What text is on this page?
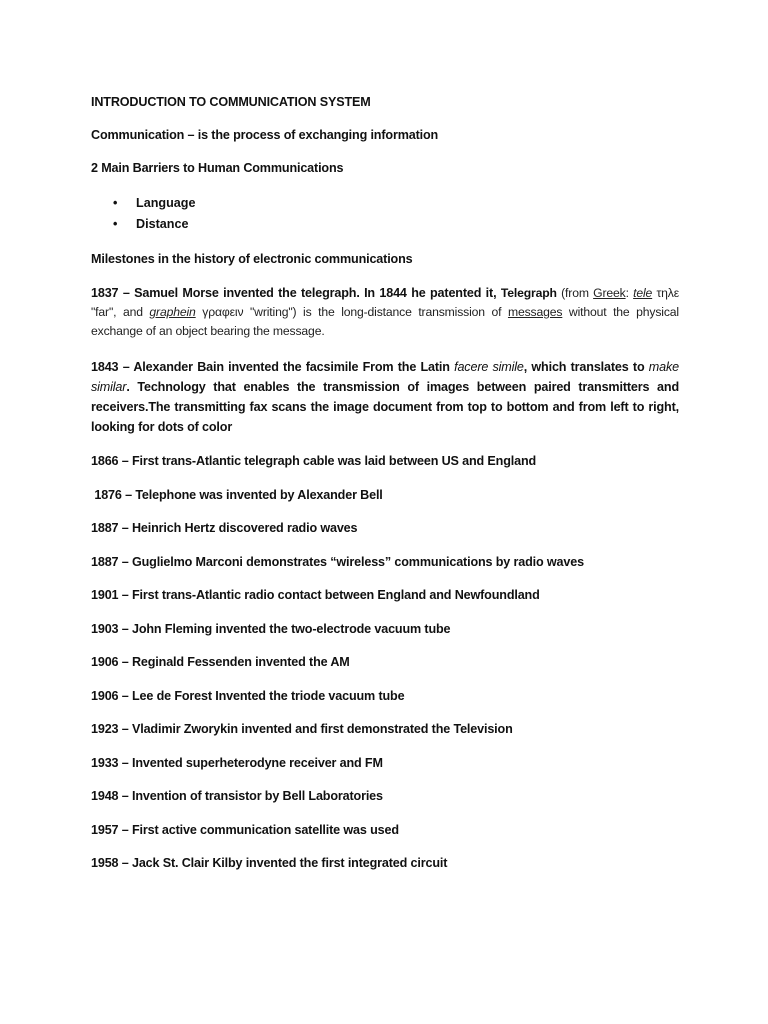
INTRODUCTION TO COMMUNICATION SYSTEM

Communication – is the process of exchanging information

2 Main Barriers to Human Communications

• Language
• Distance

Milestones in the history of electronic communications

1837 – Samuel Morse invented the telegraph. In 1844 he patented it, Telegraph (from Greek: tele τηλε "far", and graphein γραφειν "writing") is the long-distance transmission of messages without the physical exchange of an object bearing the message.

1843 – Alexander Bain invented the facsimile From the Latin facere simile, which translates to make similar. Technology that enables the transmission of images between paired transmitters and receivers.The transmitting fax scans the image document from top to bottom and from left to right, looking for dots of color

1866 – First trans-Atlantic telegraph cable was laid between US and England

1876 – Telephone was invented by Alexander Bell

1887 – Heinrich Hertz discovered radio waves

1887 – Guglielmo Marconi demonstrates “wireless” communications by radio waves

1901 – First trans-Atlantic radio contact between England and Newfoundland

1903 – John Fleming invented the two-electrode vacuum tube

1906 – Reginald Fessenden invented the AM

1906 – Lee de Forest Invented the triode vacuum tube

1923 – Vladimir Zworykin invented and first demonstrated the Television

1933 – Invented superheterodyne receiver and FM

1948 – Invention of transistor by Bell Laboratories

1957 – First active communication satellite was used

1958 – Jack St. Clair Kilby invented the first integrated circuit
